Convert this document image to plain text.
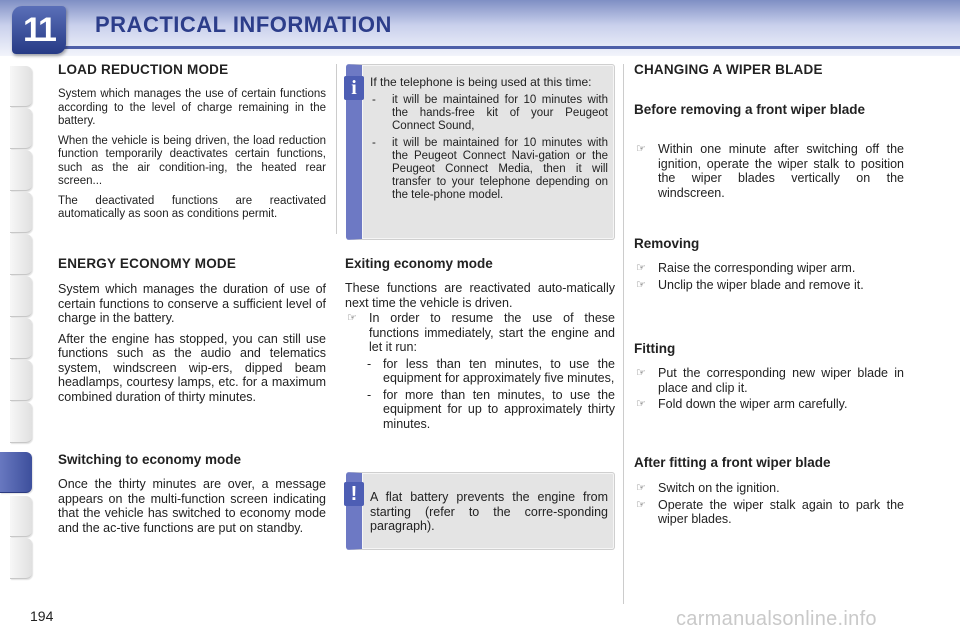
11	PRACTICAL INFORMATION
LOAD REDUCTION MODE

System which manages the use of certain functions according to the level of charge remaining in the battery.

When the vehicle is being driven, the load reduction function temporarily deactivates certain functions, such as the air condition-ing, the heated rear screen...

The deactivated functions are reactivated automatically as soon as conditions permit.

i	If the telephone is being used at this time:

- it will be maintained for 10 minutes with the hands-free kit of your Peugeot Connect Sound,
- it will be maintained for 10 minutes with the Peugeot Connect Navi-gation or the Peugeot Connect Media, then it will transfer to your telephone depending on the tele-phone model.
ENERGY ECONOMY MODE

System which manages the duration of use of certain functions to conserve a sufficient level of charge in the battery.

After the engine has stopped, you can still use functions such as the audio and telematics system, windscreen wip-ers, dipped beam headlamps, courtesy lamps, etc. for a maximum combined duration of thirty minutes.

Switching to economy mode
Once the thirty minutes are over, a message appears on the multi-function screen indicating that the vehicle has switched to economy mode and the ac-tive functions are put on standby.
Exiting economy mode
These functions are reactivated auto-matically next time the vehicle is driven.
☞ In order to resume the use of these functions immediately, start the engine and let it run:
- for less than ten minutes, to use the equipment for approximately five minutes,
- for more than ten minutes, to use the equipment for up to approximately thirty minutes.
!	A flat battery prevents the engine from starting (refer to the corre-sponding paragraph).
CHANGING A WIPER BLADE
Before removing a front wiper blade
☞ Within one minute after switching off the ignition, operate the wiper stalk to position the wiper blades vertically on the windscreen.
Removing
☞ Raise the corresponding wiper arm.
☞ Unclip the wiper blade and remove it.
Fitting
☞ Put the corresponding new wiper blade in place and clip it.
☞ Fold down the wiper arm carefully.
After fitting a front wiper blade
☞ Switch on the ignition.
☞ Operate the wiper stalk again to park the wiper blades.
194	carmanualsonline.info
